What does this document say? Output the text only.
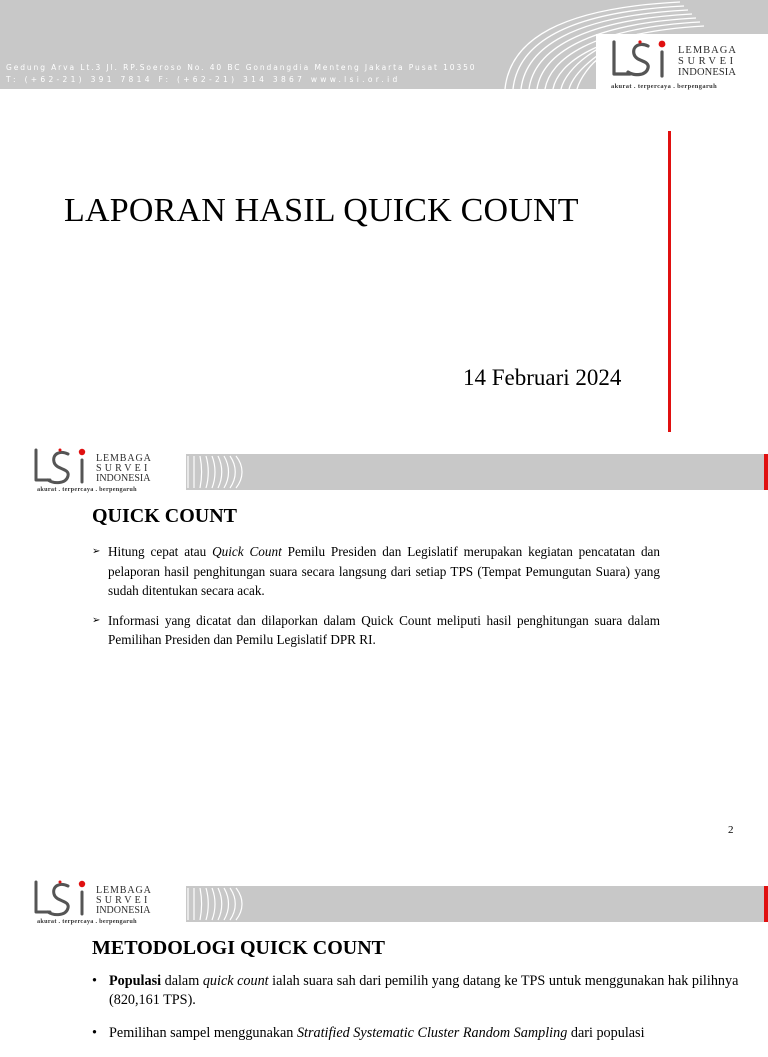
Gedung Arva Lt.3 Jl. RP.Soeroso No. 40 BC Gondangdia Menteng Jakarta Pusat 10350
T: (+62-21) 391 7814 F: (+62-21) 314 3867 www.lsi.or.id
LEMBAGA
SURVEI
INDONESIA
akurat . terpercaya . berpengaruh
LAPORAN HASIL QUICK COUNT
14 Februari 2024
LEMBAGA
SURVEI
INDONESIA
akurat . terpercaya . berpengaruh
QUICK COUNT
➢ Hitung cepat atau Quick Count Pemilu Presiden dan Legislatif merupakan kegiatan pencatatan dan pelaporan hasil penghitungan suara secara langsung dari setiap TPS (Tempat Pemungutan Suara) yang sudah ditentukan secara acak.
➢ Informasi yang dicatat dan dilaporkan dalam Quick Count meliputi hasil penghitungan suara dalam Pemilihan Presiden dan Pemilu Legislatif DPR RI.
2
LEMBAGA
SURVEI
INDONESIA
akurat . terpercaya . berpengaruh
METODOLOGI QUICK COUNT
• Populasi dalam quick count ialah suara sah dari pemilih yang datang ke TPS untuk menggunakan hak pilihnya (820,161 TPS).
• Pemilihan sampel menggunakan Stratified Systematic Cluster Random Sampling dari populasi
